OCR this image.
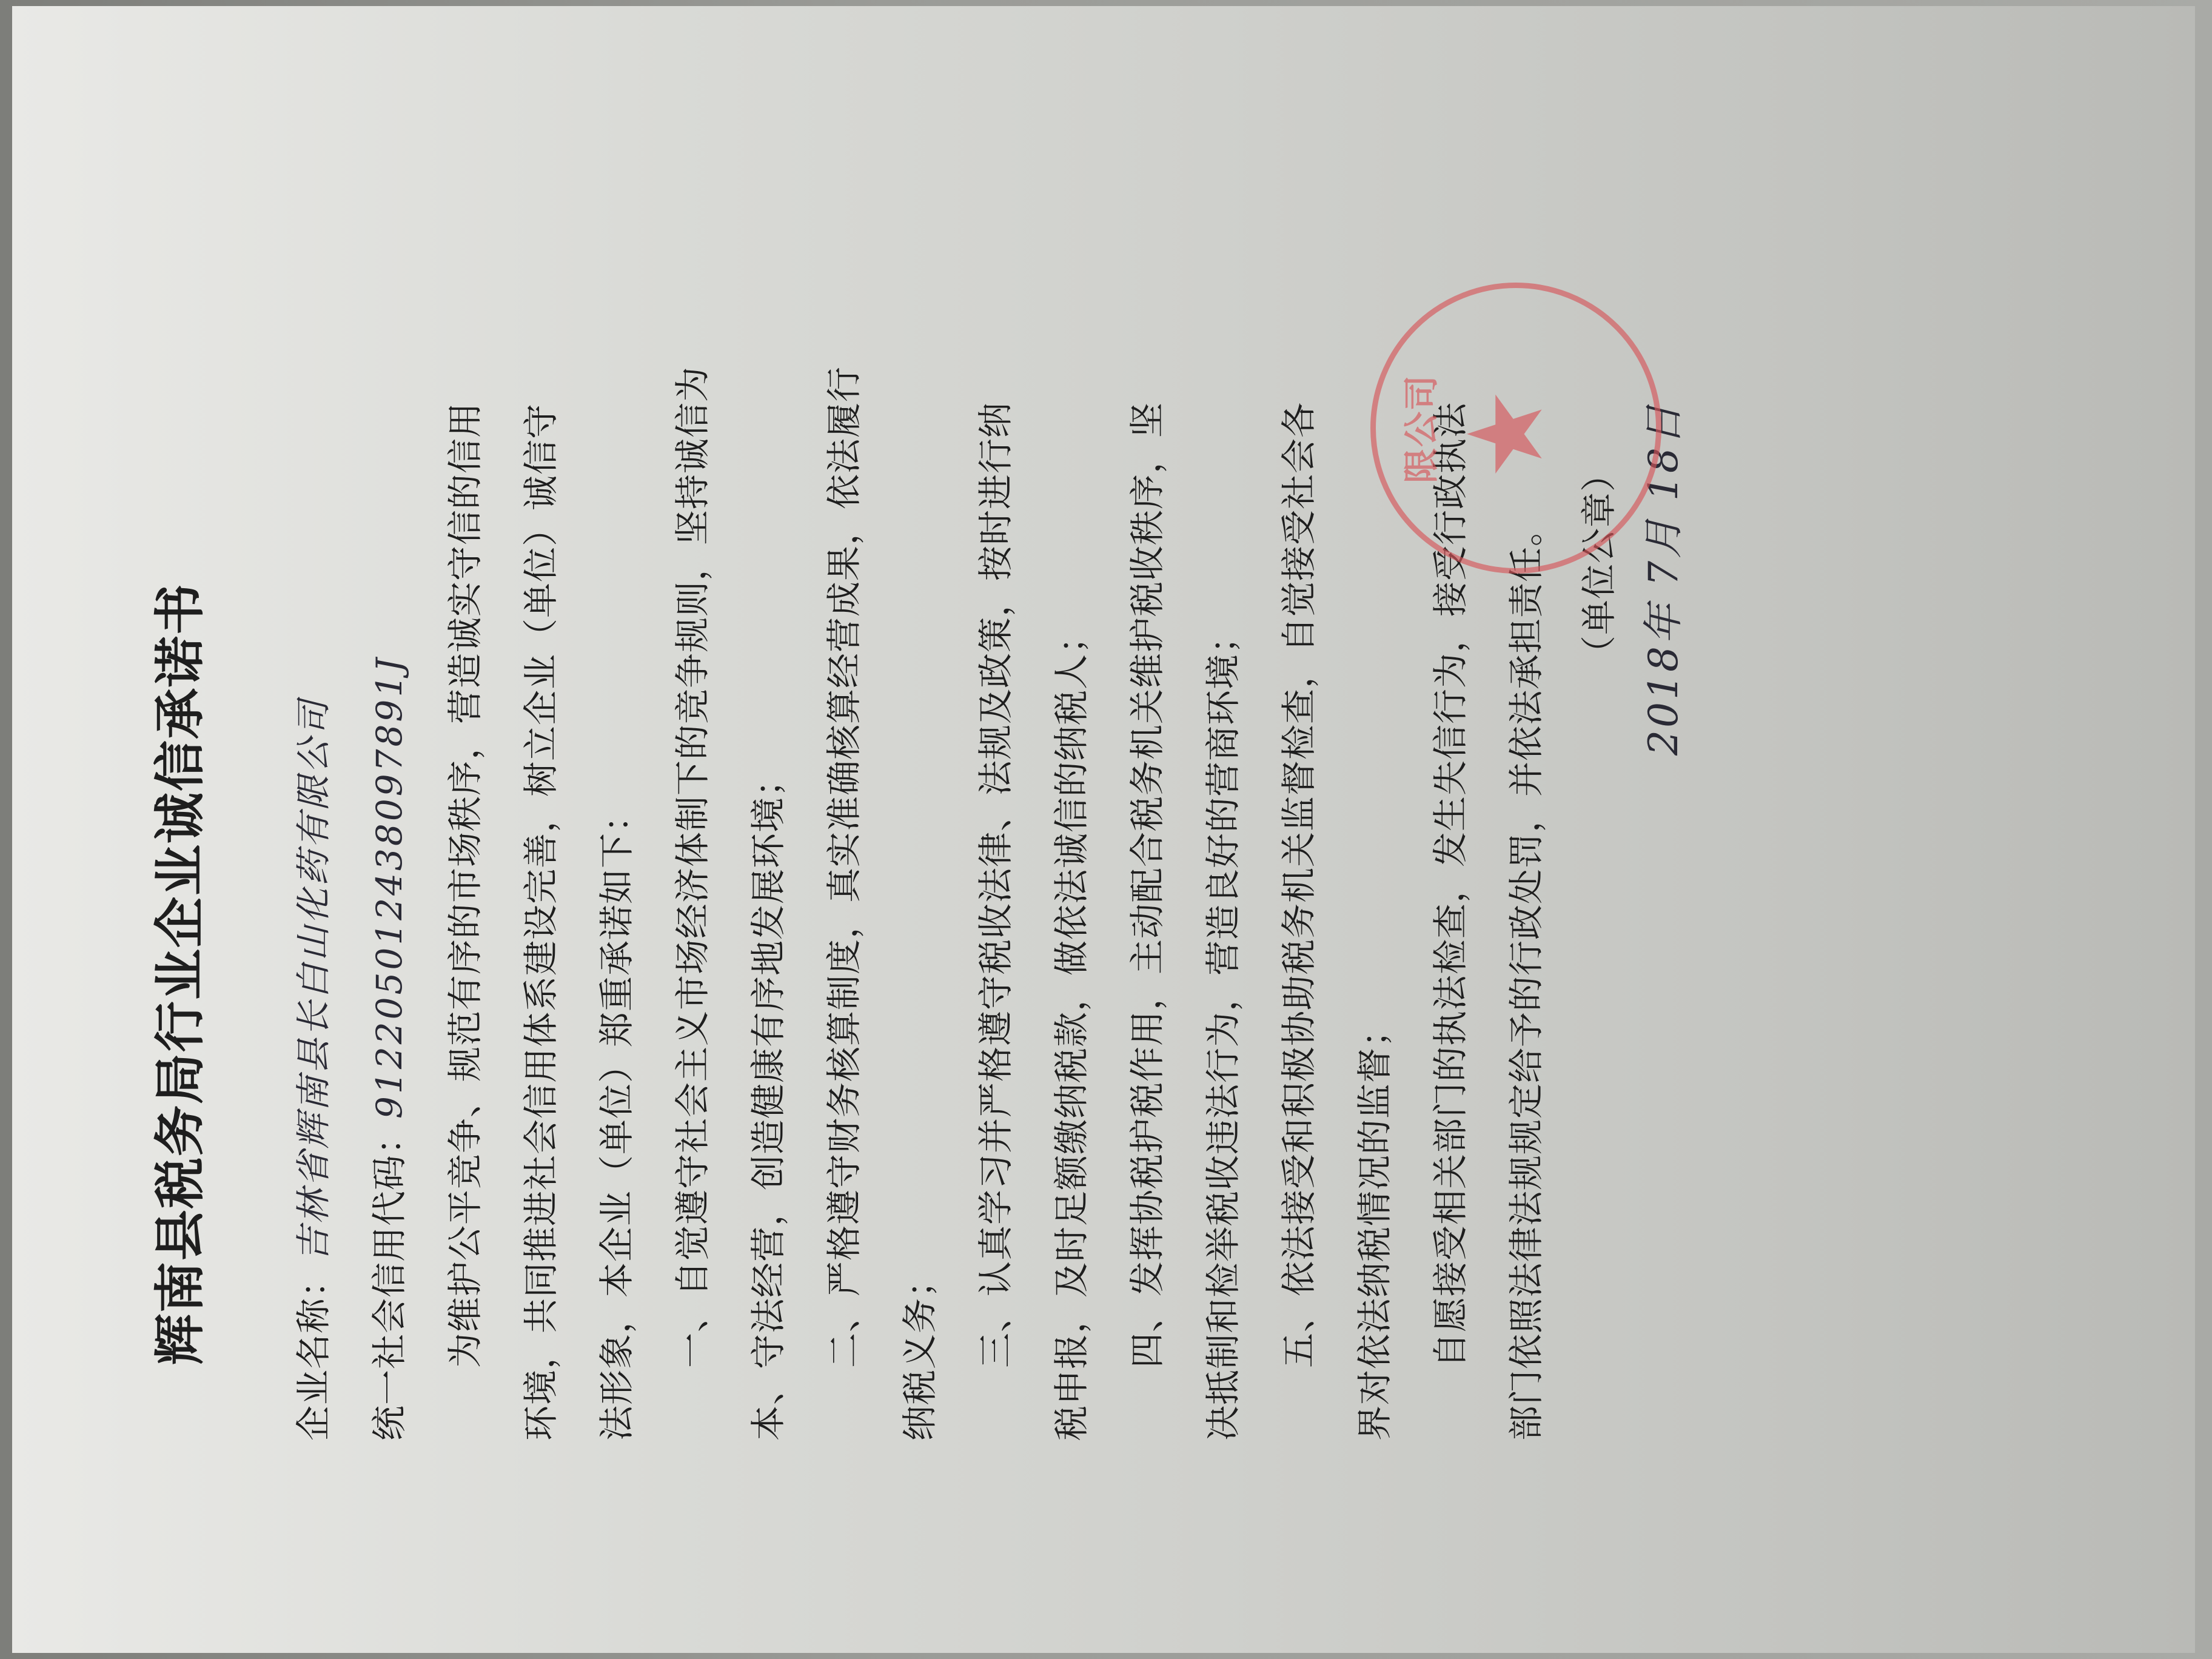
辉南县税务局行业企业诚信承诺书 企业名称：吉林省辉南县长白山化药有限公司
统一社会信用代码：912205012438097891J 为维护公平竞争、规范有序的市场秩序，营造诚实守信的信用 环境，共同推进社会信用体系建设完善，树立企业（单位）诚信守 法形象，本企业（单位）郑重承诺如下： 一、自觉遵守社会主义市场经济体制下的竞争规则，坚持诚信为 本、守法经营，创造健康有序地发展环境； 二、严格遵守财务核算制度，真实准确核算经营成果，依法履行 纳税义务； 三、认真学习并严格遵守税收法律、法规及政策，按时进行纳 税申报，及时足额缴纳税款，做依法诚信的纳税人； 四、发挥协税护税作用，主动配合税务机关维护税收秩序，坚 决抵制和检举税收违法行为，营造良好的营商环境； 五、依法接受和积极协助税务机关监督检查，自觉接受社会各 界对依法纳税情况的监督； 自愿接受相关部门的执法检查，发生失信行为，接受行政执法 部门依照法律法规规定给予的行政处罚，并依法承担责任。 （单位公章） 2018年 7月 18日
限公司 ★
